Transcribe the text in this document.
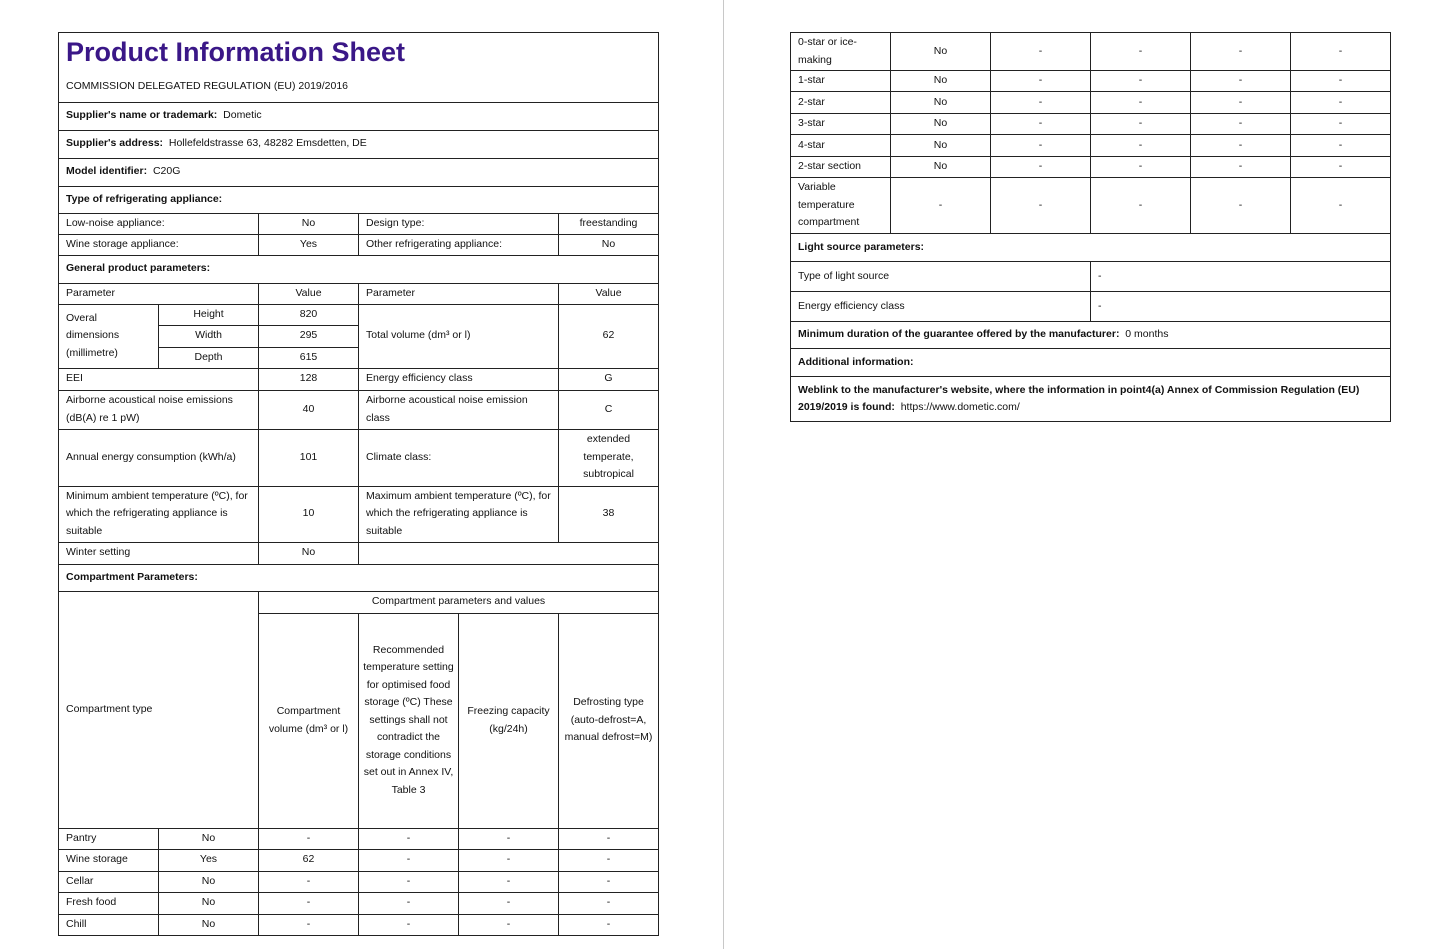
Product Information Sheet
COMMISSION DELEGATED REGULATION (EU) 2019/2016					

Supplier's name or trademark: Dometic					
Supplier's address: Hollefeldstrasse 63, 48282 Emsdetten, DE					
Model identifier: C20G					
Type of refrigerating appliance:					
Low-noise appliance:		No	Design type:		freestanding
Wine storage appliance:		Yes	Other refrigerating appliance:		No
General product parameters:					
Parameter		Value	Parameter		Value
Overal dimensions (millimetre)	Height	820	Total volume (dm³ or l)		62
	Width	295			
	Depth	615			
EEI		128	Energy efficiency class		G
Airborne acoustical noise emissions (dB(A) re 1 pW)		40	Airborne acoustical noise emission class		C
Annual energy consumption (kWh/a)		101	Climate class:		extended temperate, subtropical
Minimum ambient temperature (ºC), for which the refrigerating appliance is suitable		10	Maximum ambient temperature (ºC), for which the refrigerating appliance is suitable		38
Winter setting		No			
Compartment Parameters:					
Compartment type		Compartment parameters and values			
		Compartment volume (dm³ or l)	Recommended temperature setting for optimised food storage (ºC) These settings shall not contradict the storage conditions set out in Annex IV, Table 3	Freezing capacity (kg/24h)	Defrosting type (auto-defrost=A, manual defrost=M)
Pantry	No	-	-	-	-
Wine storage	Yes	62	-	-	-
Cellar	No	-	-	-	-
Fresh food	No	-	-	-	-
Chill	No	-	-	-	-
0-star or ice-making	No	-	-	-	-
1-star	No	-	-	-	-
2-star	No	-	-	-	-
3-star	No	-	-	-	-
4-star	No	-	-	-	-
2-star section	No	-	-	-	-
Variable temperature compartment	-	-	-	-	-
Light source parameters:					
Type of light source			-		
Energy efficiency class			-		
Minimum duration of the guarantee offered by the manufacturer: 0 months					
Additional information:					
Weblink to the manufacturer's website, where the information in point4(a) Annex of Commission Regulation (EU) 2019/2019 is found: https://www.dometic.com/					
